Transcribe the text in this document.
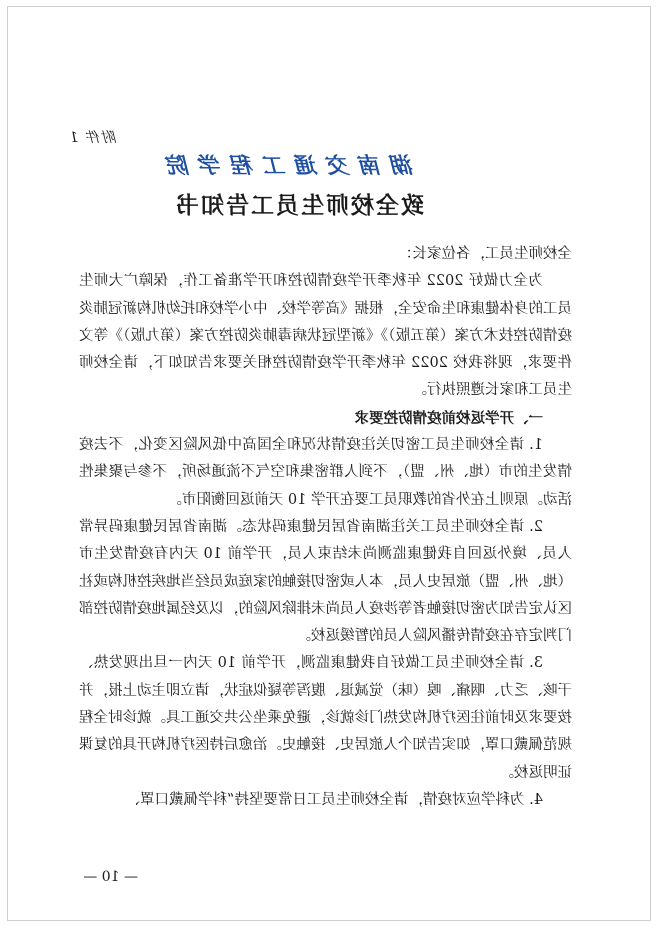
附件 1
湖南交通工程学院
致全校师生员工告知书

全校师生员工，各位家长：

为全力做好 2022 年秋季开学疫情防控和开学准备工作，保障广大师生员工的身体健康和生命安全，根据《高等学校、中小学校和托幼机构新冠肺炎疫情防控技术方案（第五版）》《新型冠状病毒肺炎防控方案（第九版）》等文件要求，现将我校 2022 年秋季开学疫情防控相关要求告知如下，请全校师生员工和家长遵照执行。

一、开学返校前疫情防控要求

1. 请全校师生员工密切关注疫情状况和全国高中低风险区变化，不去疫情发生的市（地、州、盟），不到人群密集和空气不流通场所，不参与聚集性活动。原则上在外省的教职员工要在开学 10 天前返回衡阳市。

2. 请全校师生员工关注湖南省居民健康码状态。湖南省居民健康码异常人员、境外返回自我健康监测尚未结束人员，开学前 10 天内有疫情发生市（地、州、盟）旅居史人员，本人或密切接触的家庭成员经当地疾控机构或社区认定告知为密切接触者等涉疫人员尚未排除风险的，以及经属地疫情防控部门判定存在疫情传播风险人员的暂缓返校。

3. 请全校师生员工做好自我健康监测，开学前 10 天内一旦出现发热、干咳、乏力、咽痛、嗅（味）觉减退、腹泻等疑似症状，请立即主动上报，并按要求及时前往医疗机构发热门诊就诊，避免乘坐公共交通工具。就诊时全程规范佩戴口罩，如实告知个人旅居史、接触史。治愈后持医疗机构开具的复课证明返校。

4. 为科学应对疫情，请全校师生员工日常要坚持“科学佩戴口罩、

— 10 —
